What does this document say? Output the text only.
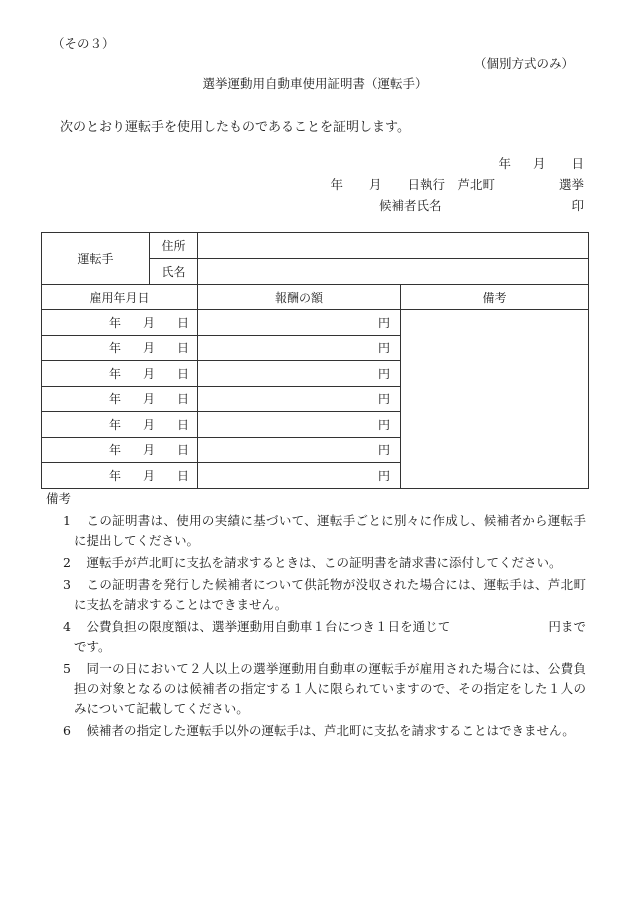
（その３）
（個別方式のみ）
選挙運動用自動車使用証明書（運転手）
次のとおり運転手を使用したものであることを証明します。
年 月 日
年 月 日執行　 芦北町	選挙
候補者氏名	印
運転手	住所		
	氏名		
雇用年月日		報酬の額	備考
年 月 日		円	
年 月 日		円	
年 月 日		円	
年 月 日		円	
年 月 日		円	
年 月 日		円	
年 月 日		円	
備考
1	この証明書は、使用の実績に基づいて、運転手ごとに別々に作成し、候補者から運転手に提出してください。
2	運転手が芦北町に支払を請求するときは、この証明書を請求書に添付してください。
3	この証明書を発行した候補者について供託物が没収された場合には、運転手は、芦北町に支払を請求することはできません。
4	公費負担の限度額は、選挙運動用自動車１台につき１日を通じて	円までです。
5	同一の日において２人以上の選挙運動用自動車の運転手が雇用された場合には、公費負担の対象となるのは候補者の指定する１人に限られていますので、その指定をした１人のみについて記載してください。
6	候補者の指定した運転手以外の運転手は、芦北町に支払を請求することはできません。
